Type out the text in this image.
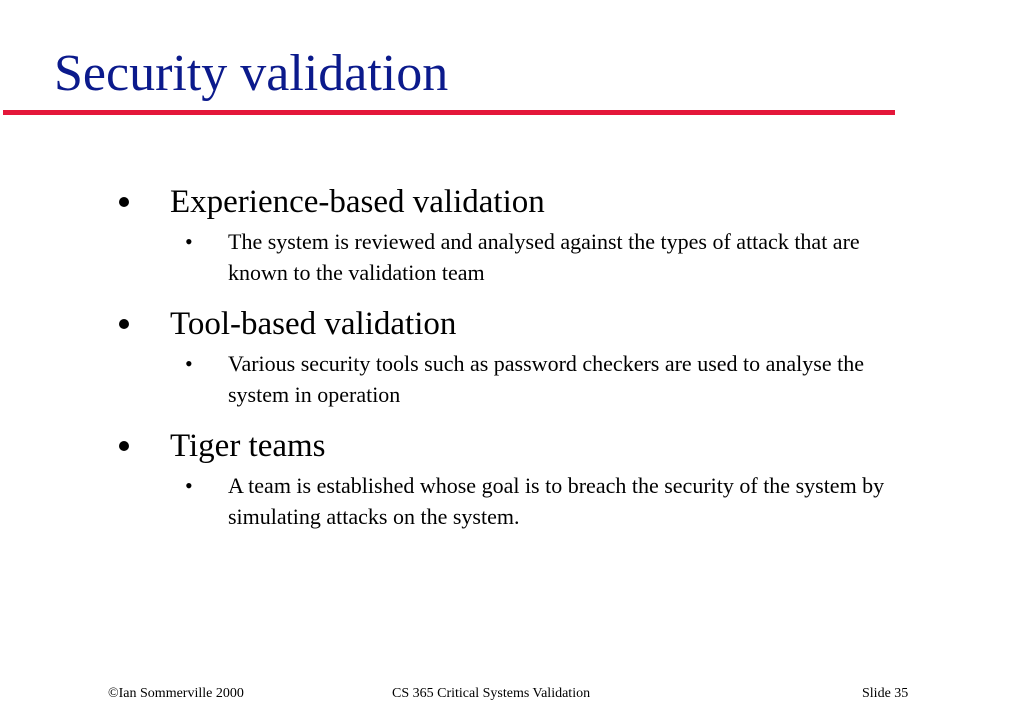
Security validation
Experience-based validation
• The system is reviewed and analysed against the types of attack that are known to the validation team
Tool-based validation
• Various security tools such as password checkers are used to analyse the system in operation
Tiger teams
• A team is established whose goal is to breach the security of the system by simulating attacks on the system.
©Ian Sommerville 2000	CS 365 Critical Systems Validation	Slide 35
